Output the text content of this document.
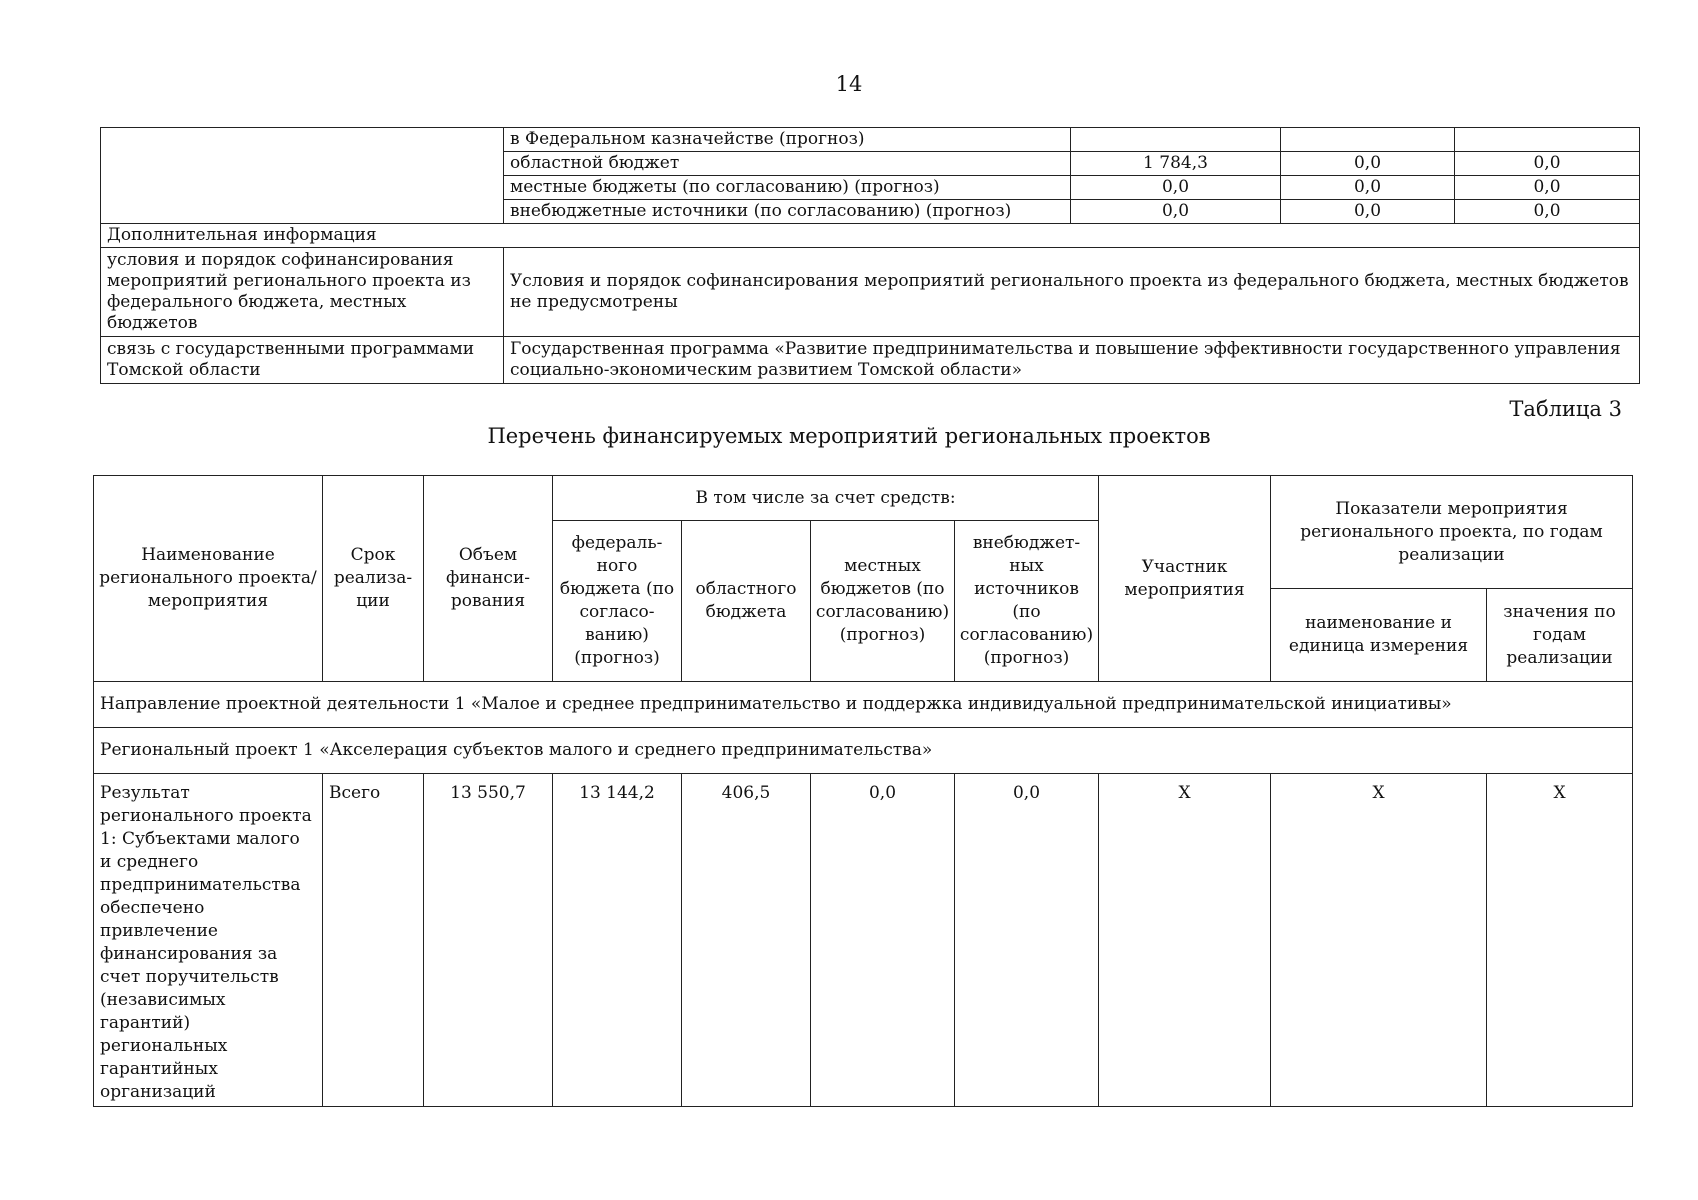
14
	в Федеральном казначействе (прогноз)			
	областной бюджет	1 784,3	0,0	0,0
	местные бюджеты (по согласованию) (прогноз)	0,0	0,0	0,0
	внебюджетные источники (по согласованию) (прогноз)	0,0	0,0	0,0
Дополнительная информация				
условия и порядок софинансирования мероприятий регионального проекта из федерального бюджета, местных бюджетов	Условия и порядок софинансирования мероприятий регионального проекта из федерального бюджета, местных бюджетов не предусмотрены			
связь с государственными программами Томской области	Государственная программа «Развитие предпринимательства и повышение эффективности государственного управления социально-экономическим развитием Томской области»			
Таблица 3
Перечень финансируемых мероприятий региональных проектов
Наименование регионального проекта/мероприятия	Срок реализа-ции	Объем финанси-рования	В том числе за счет средств:				Участник мероприятия	Показатели мероприятия регионального проекта, по годам реализации	
			федераль-ного бюджета (по согласо-ванию) (прогноз)	областного бюджета	местных бюджетов (по согласованию) (прогноз)	внебюджет-ных источников (по согласованию) (прогноз)			
								наименование и единица измерения	значения по годам реализации
Направление проектной деятельности 1 «Малое и среднее предпринимательство и поддержка индивидуальной предпринимательской инициативы»									
Региональный проект 1 «Акселерация субъектов малого и среднего предпринимательства»									
Результат регионального проекта 1: Субъектами малого и среднего предпринимательства обеспечено привлечение финансирования за счет поручительств (независимых гарантий) региональных гарантийных организаций	Всего	13 550,7	13 144,2	406,5	0,0	0,0	Х	Х	Х
